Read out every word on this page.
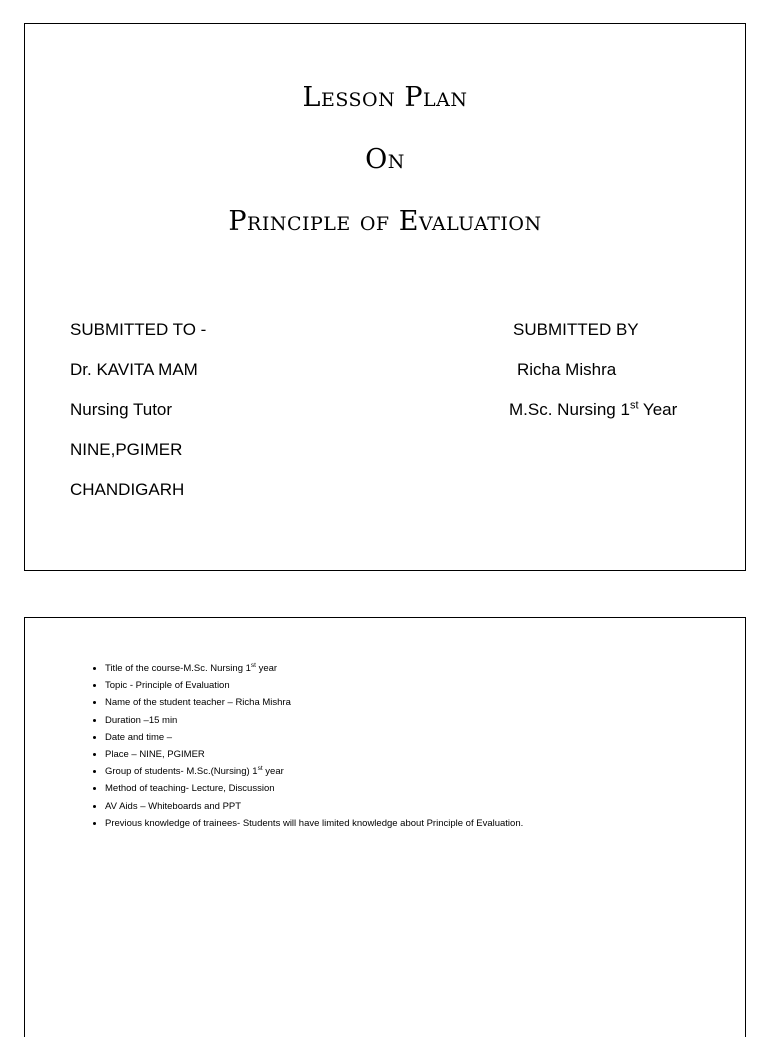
Lesson Plan
On
Principle of Evaluation
SUBMITTED TO -
Dr. KAVITA MAM
Nursing Tutor
NINE,PGIMER
CHANDIGARH
SUBMITTED BY
Richa Mishra
M.Sc. Nursing 1st Year
• Title of the course-M.Sc. Nursing 1st year
• Topic - Principle of Evaluation
• Name of the student teacher – Richa Mishra
• Duration –15 min
• Date and time –
• Place – NINE, PGIMER
• Group of students- M.Sc.(Nursing) 1st year
• Method of teaching- Lecture, Discussion
• AV Aids – Whiteboards and PPT
• Previous knowledge of trainees- Students will have limited knowledge about Principle of Evaluation.
